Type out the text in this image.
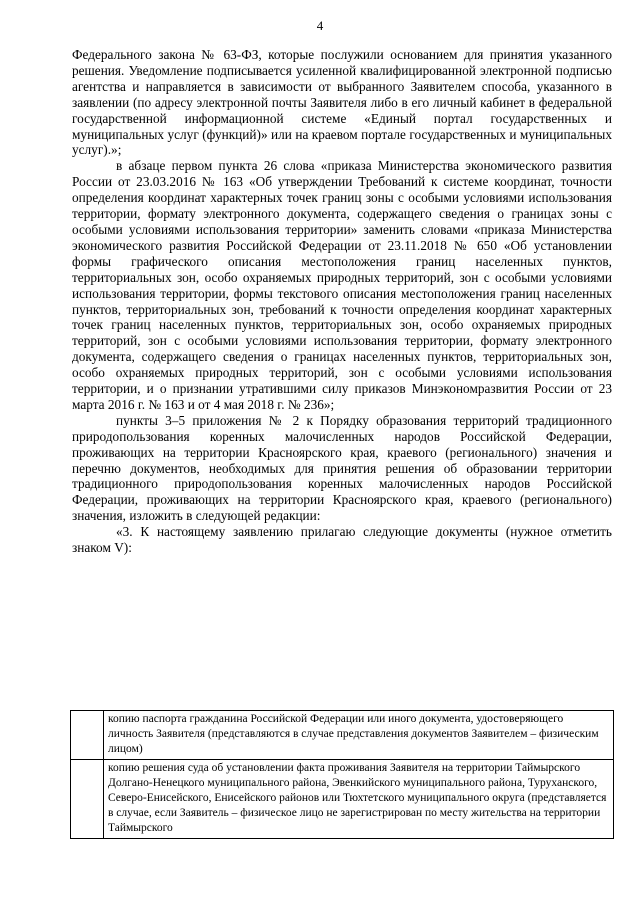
4

Федерального закона № 63-ФЗ, которые послужили основанием для принятия указанного решения. Уведомление подписывается усиленной квалифицированной электронной подписью агентства и направляется в зависимости от выбранного Заявителем способа, указанного в заявлении (по адресу электронной почты Заявителя либо в его личный кабинет в федеральной государственной информационной системе «Единый портал государственных и муниципальных услуг (функций)» или на краевом портале государственных и муниципальных услуг).»;

в абзаце первом пункта 26 слова «приказа Министерства экономического развития России от 23.03.2016 № 163 «Об утверждении Требований к системе координат, точности определения координат характерных точек границ зоны с особыми условиями использования территории, формату электронного документа, содержащего сведения о границах зоны с особыми условиями использования территории» заменить словами «приказа Министерства экономического развития Российской Федерации от 23.11.2018 № 650 «Об установлении формы графического описания местоположения границ населенных пунктов, территориальных зон, особо охраняемых природных территорий, зон с особыми условиями использования территории, формы текстового описания местоположения границ населенных пунктов, территориальных зон, требований к точности определения координат характерных точек границ населенных пунктов, территориальных зон, особо охраняемых природных территорий, зон с особыми условиями использования территории, формату электронного документа, содержащего сведения о границах населенных пунктов, территориальных зон, особо охраняемых природных территорий, зон с особыми условиями использования территории, и о признании утратившими силу приказов Минэкономразвития России от 23 марта 2016 г. № 163 и от 4 мая 2018 г. № 236»;

пункты 3–5 приложения № 2 к Порядку образования территорий традиционного природопользования коренных малочисленных народов Российской Федерации, проживающих на территории Красноярского края, краевого (регионального) значения и перечню документов, необходимых для принятия решения об образовании территории традиционного природопользования коренных малочисленных народов Российской Федерации, проживающих на территории Красноярского края, краевого (регионального) значения, изложить в следующей редакции:

«3. К настоящему заявлению прилагаю следующие документы (нужное отметить знаком V):

	копию паспорта гражданина Российской Федерации или иного документа, удостоверяющего личность Заявителя (представляются в случае представления документов Заявителем – физическим лицом)
	копию решения суда об установлении факта проживания Заявителя на территории Таймырского Долгано-Ненецкого муниципального района, Эвенкийского муниципального района, Туруханского, Северо-Енисейского, Енисейского районов или Тюхтетского муниципального округа (представляется в случае, если Заявитель – физическое лицо не зарегистрирован по месту жительства на территории Таймырского
